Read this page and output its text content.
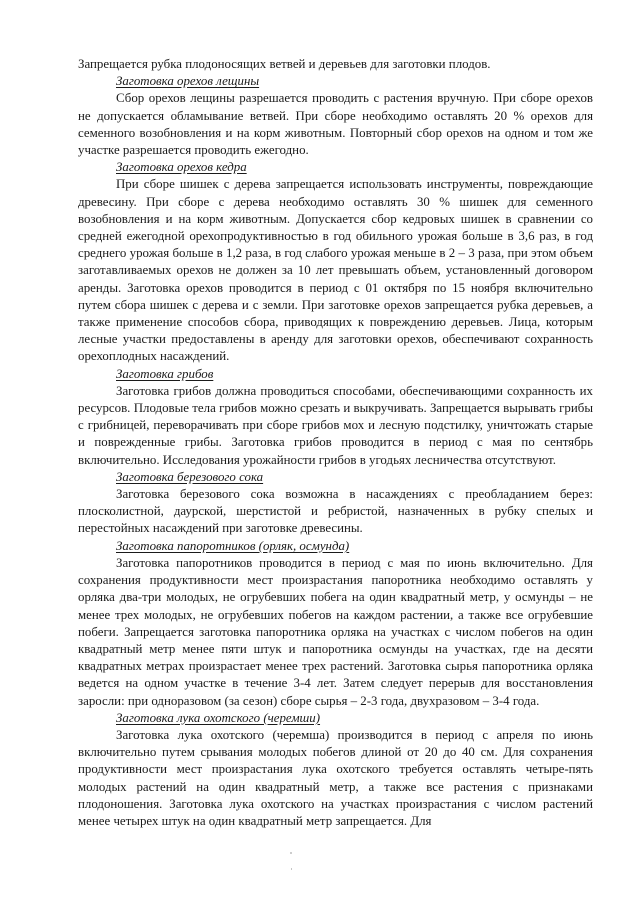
Запрещается рубка плодоносящих ветвей и деревьев для заготовки плодов.

Заготовка орехов лещины

Сбор орехов лещины разрешается проводить с растения вручную. При сборе орехов не допускается обламывание ветвей. При сборе необходимо оставлять 20 % орехов для семенного возобновления и на корм животным. Повторный сбор орехов на одном и том же участке разрешается проводить ежегодно.

Заготовка орехов кедра

При сборе шишек с дерева запрещается использовать инструменты, повреждающие древесину. При сборе с дерева необходимо оставлять 30 % шишек для семенного возобновления и на корм животным. Допускается сбор кедровых шишек в сравнении со средней ежегодной орехопродуктивностью в год обильного урожая больше в 3,6 раз, в год среднего урожая больше в 1,2 раза, в год слабого урожая меньше в 2 – 3 раза, при этом объем заготавливаемых орехов не должен за 10 лет превышать объем, установленный договором аренды. Заготовка орехов проводится в период с 01 октября по 15 ноября включительно путем сбора шишек с дерева и с земли. При заготовке орехов запрещается рубка деревьев, а также применение способов сбора, приводящих к повреждению деревьев. Лица, которым лесные участки предоставлены в аренду для заготовки орехов, обеспечивают сохранность орехоплодных насаждений.

Заготовка грибов

Заготовка грибов должна проводиться способами, обеспечивающими сохранность их ресурсов. Плодовые тела грибов можно срезать и выкручивать. Запрещается вырывать грибы с грибницей, переворачивать при сборе грибов мох и лесную подстилку, уничтожать старые и поврежденные грибы. Заготовка грибов проводится в период с мая по сентябрь включительно. Исследования урожайности грибов в угодьях лесничества отсутствуют.

Заготовка березового сока

Заготовка березового сока возможна в насаждениях с преобладанием берез: плосколистной, даурской, шерстистой и ребристой, назначенных в рубку спелых и перестойных насаждений при заготовке древесины.

Заготовка папоротников (орляк, осмунда)

Заготовка папоротников проводится в период с мая по июнь включительно. Для сохранения продуктивности мест произрастания папоротника необходимо оставлять у орляка два-три молодых, не огрубевших побега на один квадратный метр, у осмунды – не менее трех молодых, не огрубевших побегов на каждом растении, а также все огрубевшие побеги. Запрещается заготовка папоротника орляка на участках с числом побегов на один квадратный метр менее пяти штук и папоротника осмунды на участках, где на десяти квадратных метрах произрастает менее трех растений. Заготовка сырья папоротника орляка ведется на одном участке в течение 3-4 лет. Затем следует перерыв для восстановления заросли: при одноразовом (за сезон) сборе сырья – 2-3 года, двухразовом – 3-4 года.

Заготовка лука охотского (черемши)

Заготовка лука охотского (черемша) производится в период с апреля по июнь включительно путем срывания молодых побегов длиной от 20 до 40 см. Для сохранения продуктивности мест произрастания лука охотского требуется оставлять четыре-пять молодых растений на один квадратный метр, а также все растения с признаками плодоношения. Заготовка лука охотского на участках произрастания с числом растений менее четырех штук на один квадратный метр запрещается. Для
